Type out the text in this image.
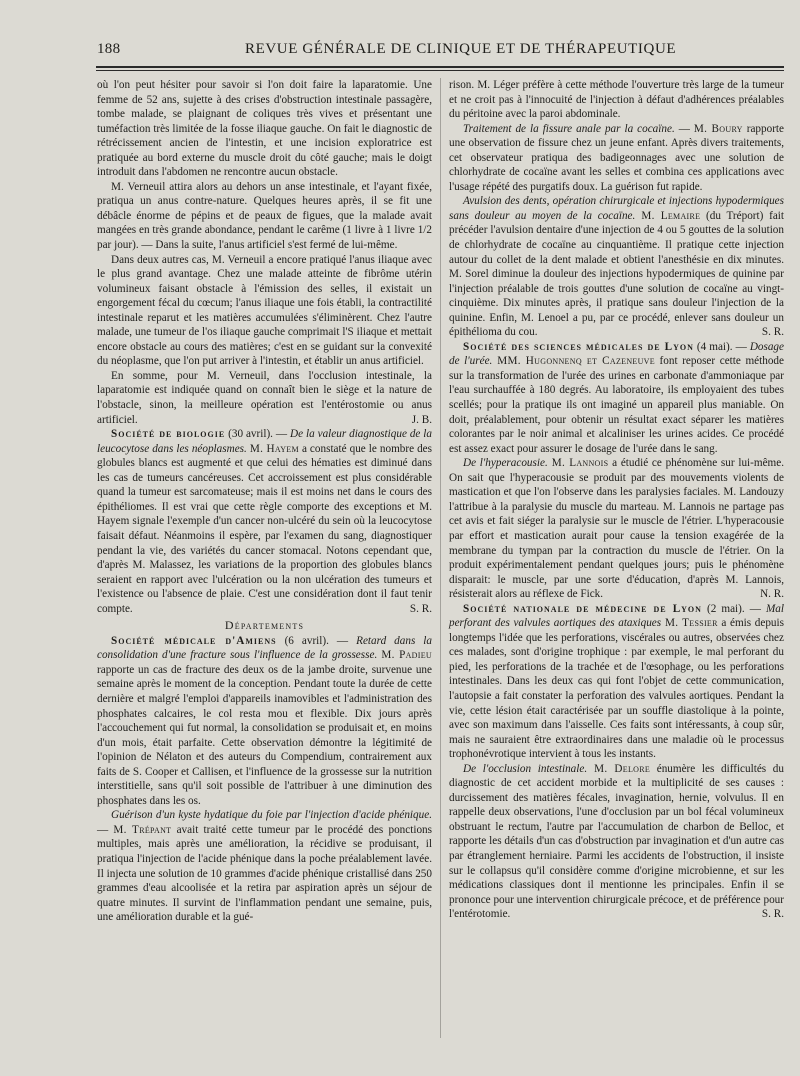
188	REVUE GÉNÉRALE DE CLINIQUE ET DE THÉRAPEUTIQUE

où l'on peut hésiter pour savoir si l'on doit faire la laparatomie. Une femme de 52 ans, sujette à des crises d'obstruction intestinale passagère, tombe malade, se plaignant de coliques très vives et présentant une tuméfaction très limitée de la fosse iliaque gauche. On fait le diagnostic de rétrécissement ancien de l'intestin, et une incision exploratrice est pratiquée au bord externe du muscle droit du côté gauche; mais le doigt introduit dans l'abdomen ne rencontre aucun obstacle.

M. Verneuil attira alors au dehors un anse intestinale, et l'ayant fixée, pratiqua un anus contre-nature. Quelques heures après, il se fit une débâcle énorme de pépins et de peaux de figues, que la malade avait mangées en très grande abondance, pendant le carême (1 livre à 1 livre 1/2 par jour). — Dans la suite, l'anus artificiel s'est fermé de lui-même.

Dans deux autres cas, M. Verneuil a encore pratiqué l'anus iliaque avec le plus grand avantage. Chez une malade atteinte de fibrôme utérin volumineux faisant obstacle à l'émission des selles, il existait un engorgement fécal du cœcum; l'anus iliaque une fois établi, la contractilité intestinale reparut et les matières accumulées s'éliminèrent. Chez l'autre malade, une tumeur de l'os iliaque gauche comprimait l'S iliaque et mettait encore obstacle au cours des matières; c'est en se guidant sur la convexité du néoplasme, que l'on put arriver à l'intestin, et établir un anus artificiel.

En somme, pour M. Verneuil, dans l'occlusion intestinale, la laparatomie est indiquée quand on connaît bien le siège et la nature de l'obstacle, sinon, la meilleure opération est l'entérostomie ou anus artificiel.	J. B.

Société de biologie (30 avril). — De la valeur diagnostique de la leucocytose dans les néoplasmes. M. Hayem a constaté que le nombre des globules blancs est augmenté et que celui des hématies est diminué dans les cas de tumeurs cancéreuses. Cet accroissement est plus considérable quand la tumeur est sarcomateuse; mais il est moins net dans le cours des épithéliomes. Il est vrai que cette règle comporte des exceptions et M. Hayem signale l'exemple d'un cancer non-ulcéré du sein où la leucocytose faisait défaut. Néanmoins il espère, par l'examen du sang, diagnostiquer pendant la vie, des variétés du cancer stomacal. Notons cependant que, d'après M. Malassez, les variations de la proportion des globules blancs seraient en rapport avec l'ulcération ou la non ulcération des tumeurs et l'existence ou l'absence de plaie. C'est une considération dont il faut tenir compte.	S. R.

Départements

Société médicale d'Amiens (6 avril). — Retard dans la consolidation d'une fracture sous l'influence de la grossesse. M. Padieu rapporte un cas de fracture des deux os de la jambe droite, survenue une semaine après le moment de la conception. Pendant toute la durée de cette dernière et malgré l'emploi d'appareils inamovibles et l'administration des phosphates calcaires, le col resta mou et flexible. Dix jours après l'accouchement qui fut normal, la consolidation se produisait et, en moins d'un mois, était parfaite. Cette observation démontre la légitimité de l'opinion de Nélaton et des auteurs du Compendium, contrairement aux faits de S. Cooper et Callisen, et l'influence de la grossesse sur la nutrition interstitielle, sans qu'il soit possible de l'attribuer à une diminution des phosphates dans les os.

Guérison d'un kyste hydatique du foie par l'injection d'acide phénique. — M. Trépant avait traité cette tumeur par le procédé des ponctions multiples, mais après une amélioration, la récidive se produisant, il pratiqua l'injection de l'acide phénique dans la poche préalablement lavée. Il injecta une solution de 10 grammes d'acide phénique cristallisé dans 250 grammes d'eau alcoolisée et la retira par aspiration après un séjour de quatre minutes. Il survint de l'inflammation pendant une semaine, puis, une amélioration durable et la gué-

rison. M. Léger préfère à cette méthode l'ouverture très large de la tumeur et ne croit pas à l'innocuité de l'injection à défaut d'adhérences préalables du péritoine avec la paroi abdominale.

Traitement de la fissure anale par la cocaïne. — M. Boury rapporte une observation de fissure chez un jeune enfant. Après divers traitements, cet observateur pratiqua des badigeonnages avec une solution de chlorhydrate de cocaïne avant les selles et combina ces applications avec l'usage répété des purgatifs doux. La guérison fut rapide.

Avulsion des dents, opération chirurgicale et injections hypodermiques sans douleur au moyen de la cocaïne. M. Lemaire (du Tréport) fait précéder l'avulsion dentaire d'une injection de 4 ou 5 gouttes de la solution de chlorhydrate de cocaïne au cinquantième. Il pratique cette injection autour du collet de la dent malade et obtient l'anesthésie en dix minutes. M. Sorel diminue la douleur des injections hypodermiques de quinine par l'injection préalable de trois gouttes d'une solution de cocaïne au vingt-cinquième. Dix minutes après, il pratique sans douleur l'injection de la quinine. Enfin, M. Lenoel a pu, par ce procédé, enlever sans douleur un épithélioma du cou.	S. R.

Société des sciences médicales de Lyon (4 mai). — Dosage de l'urée. MM. Hugonnenq et Cazeneuve font reposer cette méthode sur la transformation de l'urée des urines en carbonate d'ammoniaque par l'eau surchauffée à 180 degrés. Au laboratoire, ils employaient des tubes scellés; pour la pratique ils ont imaginé un appareil plus maniable. On doit, préalablement, pour obtenir un résultat exact séparer les matières colorantes par le noir animal et alcaliniser les urines acides. Ce procédé est assez exact pour assurer le dosage de l'urée dans le sang.

De l'hyperacousie. M. Lannois a étudié ce phénomène sur lui-même. On sait que l'hyperacousie se produit par des mouvements violents de mastication et que l'on l'observe dans les paralysies faciales. M. Landouzy l'attribue à la paralysie du muscle du marteau. M. Lannois ne partage pas cet avis et fait siéger la paralysie sur le muscle de l'étrier. L'hyperacousie par effort et mastication aurait pour cause la tension exagérée de la membrane du tympan par la contraction du muscle de l'étrier. On la produit expérimentalement pendant quelques jours; puis le phénomène disparait: le muscle, par une sorte d'éducation, d'après M. Lannois, résisterait alors au réflexe de Fick.	N. R.

Société nationale de médecine de Lyon (2 mai). — Mal perforant des valvules aortiques des ataxiques M. Tessier a émis depuis longtemps l'idée que les perforations, viscérales ou autres, observées chez ces malades, sont d'origine trophique : par exemple, le mal perforant du pied, les perforations de la trachée et de l'œsophage, ou les perforations intestinales. Dans les deux cas qui font l'objet de cette communication, l'autopsie a fait constater la perforation des valvules aortiques. Pendant la vie, cette lésion était caractérisée par un souffle diastolique à la pointe, avec son maximum dans l'aisselle. Ces faits sont intéressants, à coup sûr, mais ne sauraient être extraordinaires dans une maladie où le processus trophonévrotique intervient à tous les instants.

De l'occlusion intestinale. M. Delore énumère les difficultés du diagnostic de cet accident morbide et la multiplicité de ses causes : durcissement des matières fécales, invagination, hernie, volvulus. Il en rappelle deux observations, l'une d'occlusion par un bol fécal volumineux obstruant le rectum, l'autre par l'accumulation de charbon de Belloc, et rapporte les détails d'un cas d'obstruction par invagination et d'un autre cas par étranglement herniaire. Parmi les accidents de l'obstruction, il insiste sur le collapsus qu'il considère comme d'origine microbienne, et sur les médications classiques dont il mentionne les principales. Enfin il se prononce pour une intervention chirurgicale précoce, et de préférence pour l'entérotomie.	S. R.
